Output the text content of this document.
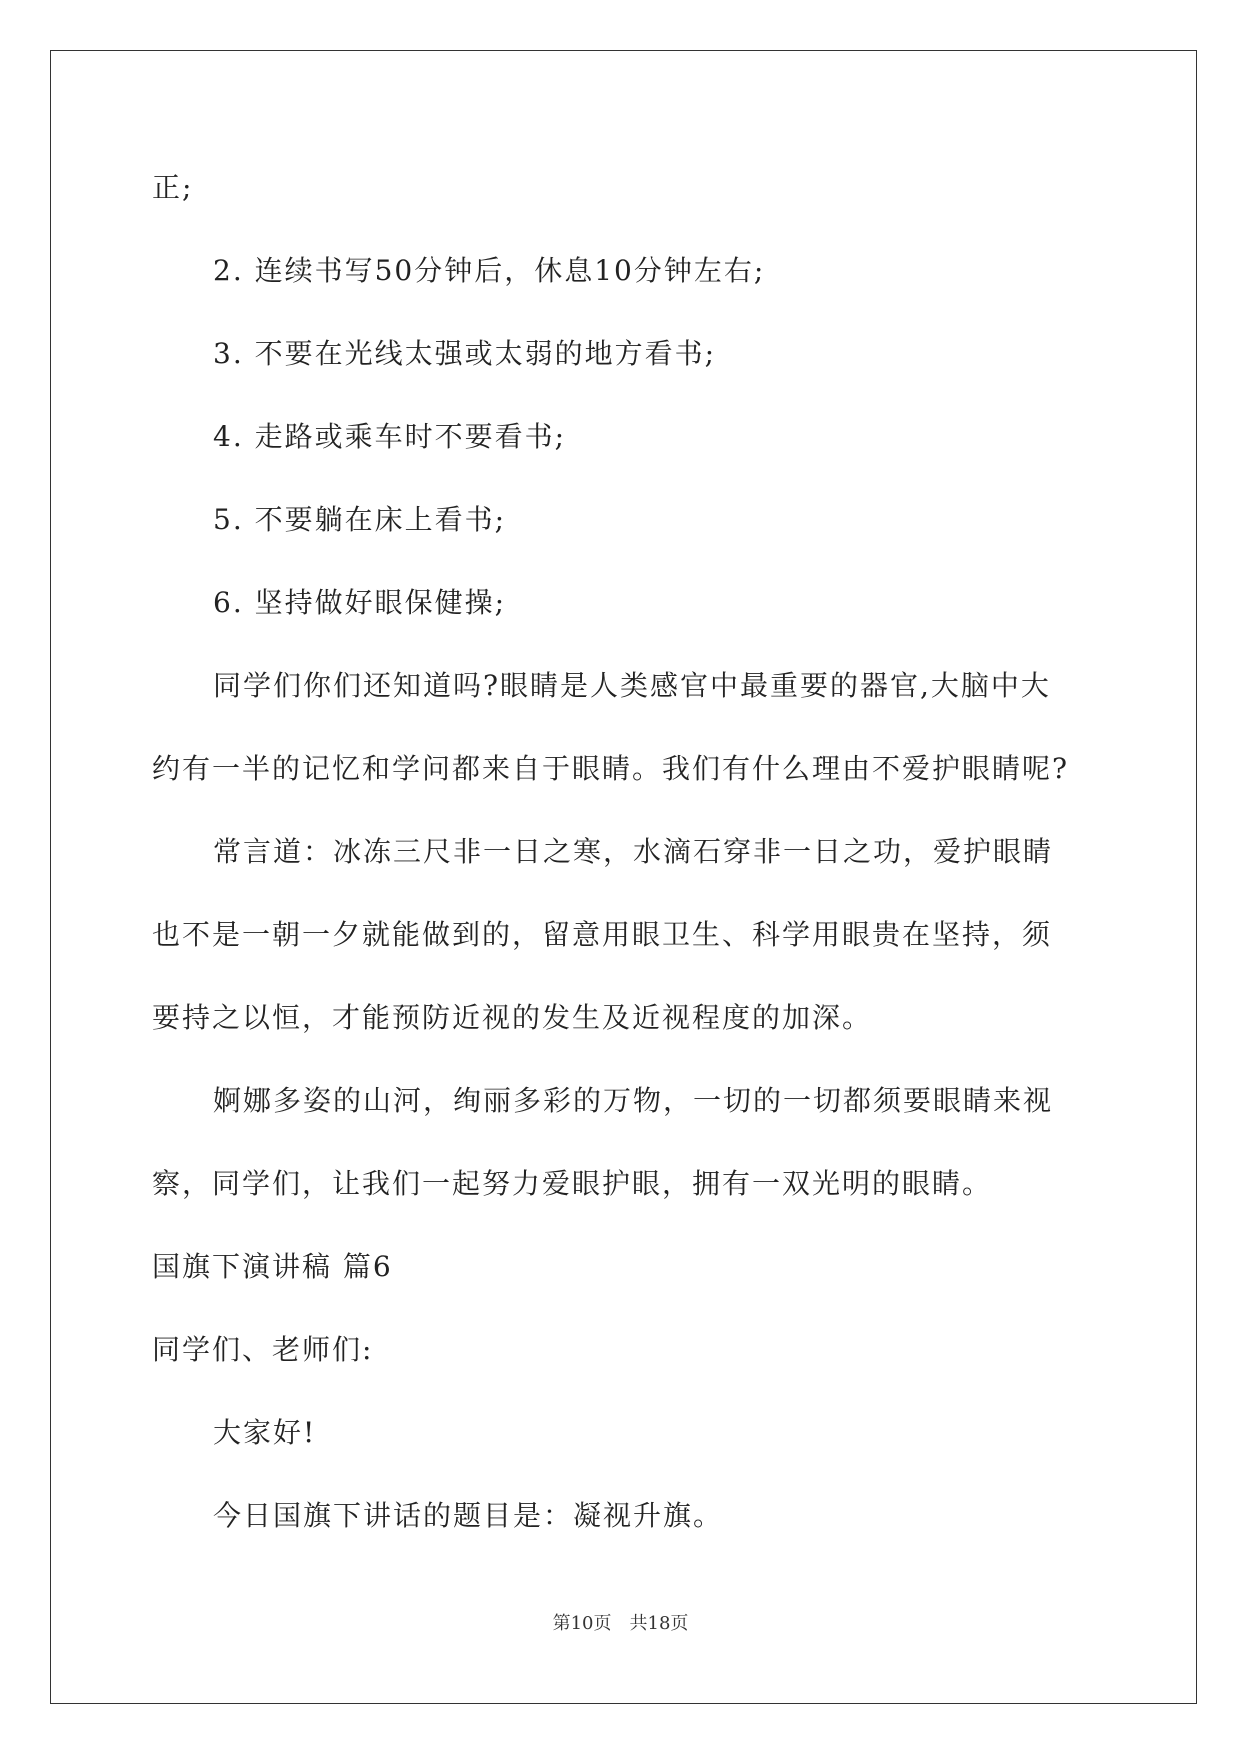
正;
2. 连续书写50分钟后，休息10分钟左右;
3. 不要在光线太强或太弱的地方看书;
4. 走路或乘车时不要看书;
5. 不要躺在床上看书;
6. 坚持做好眼保健操;
同学们你们还知道吗?眼睛是人类感官中最重要的器官,大脑中大
约有一半的记忆和学问都来自于眼睛。我们有什么理由不爱护眼睛呢?
常言道：冰冻三尺非一日之寒，水滴石穿非一日之功，爱护眼睛
也不是一朝一夕就能做到的，留意用眼卫生、科学用眼贵在坚持，须
要持之以恒，才能预防近视的发生及近视程度的加深。
婀娜多姿的山河，绚丽多彩的万物，一切的一切都须要眼睛来视
察，同学们，让我们一起努力爱眼护眼，拥有一双光明的眼睛。
国旗下演讲稿 篇6
同学们、老师们:
大家好!
今日国旗下讲话的题目是：凝视升旗。
第10页　共18页
